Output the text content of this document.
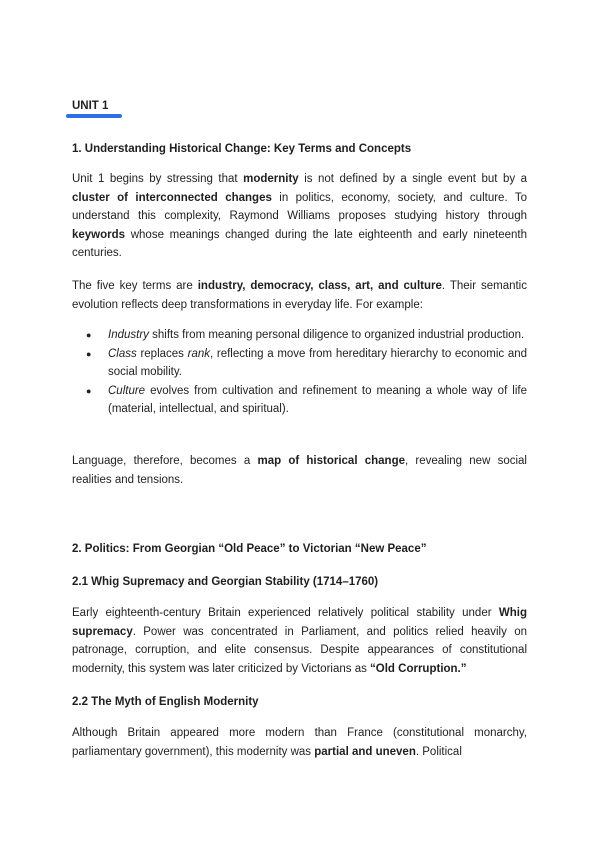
UNIT 1
1. Understanding Historical Change: Key Terms and Concepts

Unit 1 begins by stressing that modernity is not defined by a single event but by a cluster of interconnected changes in politics, economy, society, and culture. To understand this complexity, Raymond Williams proposes studying history through keywords whose meanings changed during the late eighteenth and early nineteenth centuries.

The five key terms are industry, democracy, class, art, and culture. Their semantic evolution reflects deep transformations in everyday life. For example:

● Industry shifts from meaning personal diligence to organized industrial production.
● Class replaces rank, reflecting a move from hereditary hierarchy to economic and social mobility.
● Culture evolves from cultivation and refinement to meaning a whole way of life (material, intellectual, and spiritual).

Language, therefore, becomes a map of historical change, revealing new social realities and tensions.

2. Politics: From Georgian “Old Peace” to Victorian “New Peace”
2.1 Whig Supremacy and Georgian Stability (1714–1760)

Early eighteenth-century Britain experienced relatively political stability under Whig supremacy. Power was concentrated in Parliament, and politics relied heavily on patronage, corruption, and elite consensus. Despite appearances of constitutional modernity, this system was later criticized by Victorians as “Old Corruption.”

2.2 The Myth of English Modernity

Although Britain appeared more modern than France (constitutional monarchy, parliamentary government), this modernity was partial and uneven. Political
